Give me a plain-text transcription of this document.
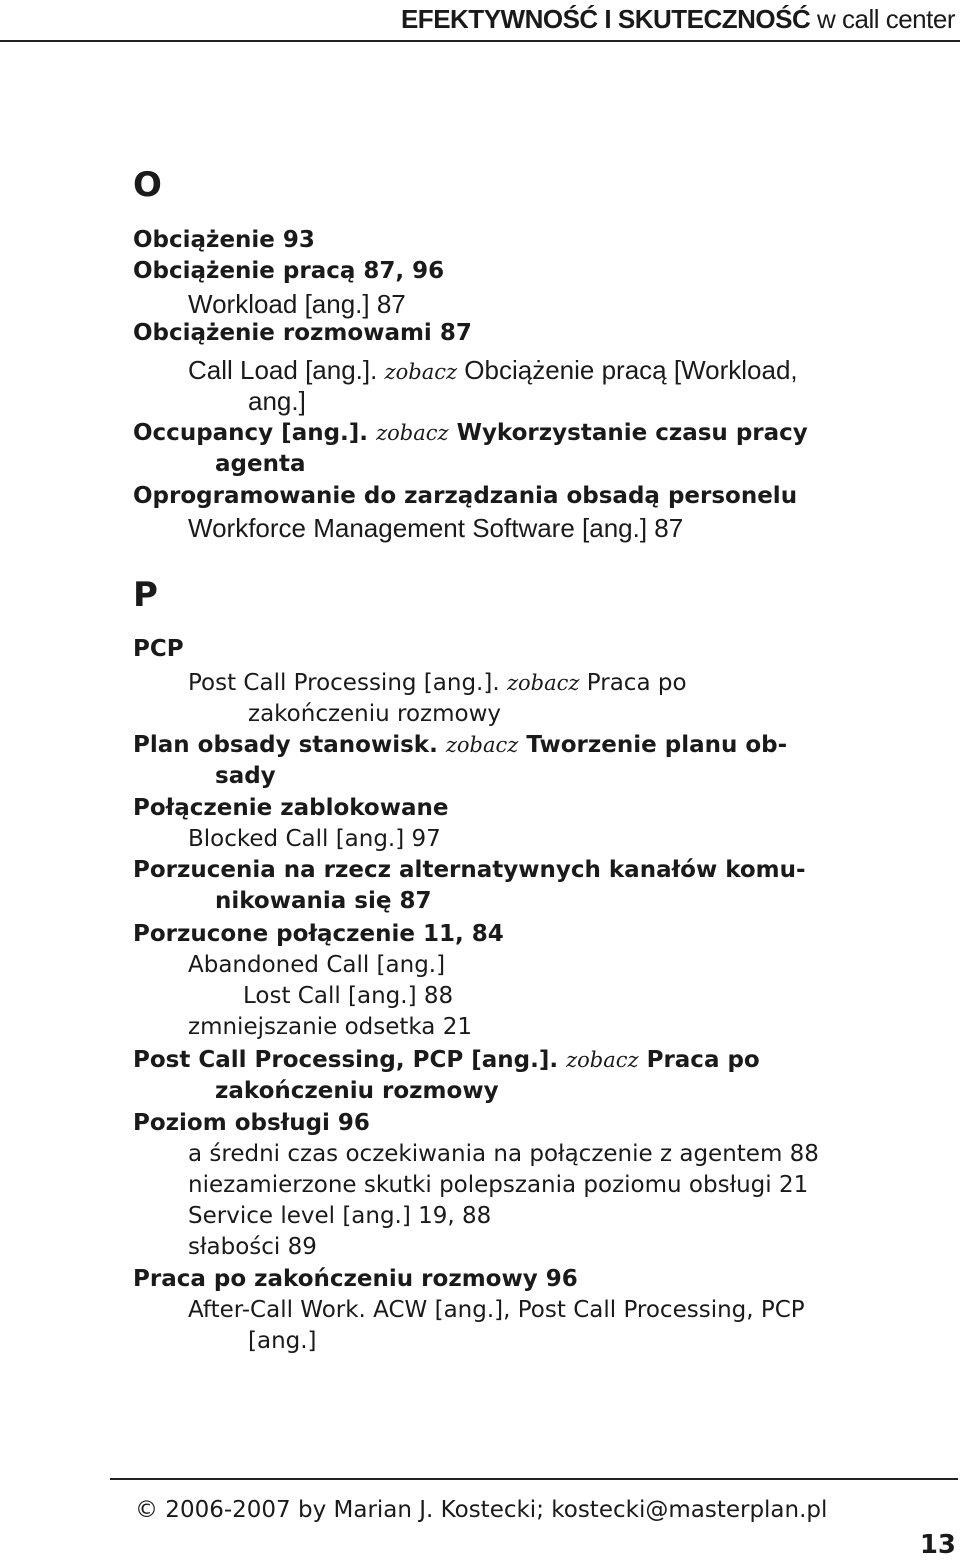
EFEKTYWNOŚĆ I SKUTECZNOŚĆ w call center
O
Obciążenie 93
Obciążenie pracą 87, 96
Workload [ang.] 87
Obciążenie rozmowami 87
Call Load [ang.]. zobacz Obciążenie pracą [Workload,
ang.]
Occupancy [ang.]. zobacz Wykorzystanie czasu pracy
agenta
Oprogramowanie do zarządzania obsadą personelu
Workforce Management Software [ang.] 87
P
PCP
Post Call Processing [ang.]. zobacz Praca po
zakończeniu rozmowy
Plan obsady stanowisk. zobacz Tworzenie planu ob-
sady
Połączenie zablokowane
Blocked Call [ang.] 97
Porzucenia na rzecz alternatywnych kanałów komu-
nikowania się 87
Porzucone połączenie 11, 84
Abandoned Call [ang.]
Lost Call [ang.] 88
zmniejszanie odsetka 21
Post Call Processing, PCP [ang.]. zobacz Praca po
zakończeniu rozmowy
Poziom obsługi 96
a średni czas oczekiwania na połączenie z agentem 88
niezamierzone skutki polepszania poziomu obsługi 21
Service level [ang.] 19, 88
słabości 89
Praca po zakończeniu rozmowy 96
After-Call Work. ACW [ang.], Post Call Processing, PCP
[ang.]
© 2006-2007 by Marian J. Kostecki; kostecki@masterplan.pl
13
